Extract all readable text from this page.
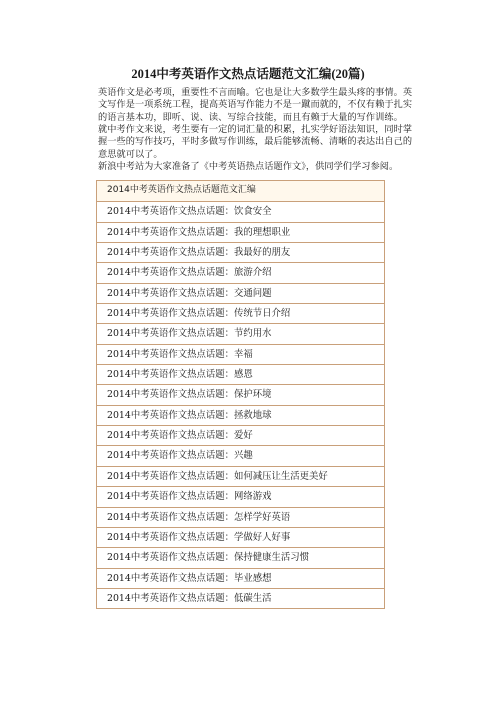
2014中考英语作文热点话题范文汇编(20篇)
英语作文是必考项，重要性不言而喻。它也是让大多数学生最头疼的事情。英文写作是一项系统工程，提高英语写作能力不是一蹴而就的，不仅有赖于扎实的语言基本功，即听、说、读、写综合技能，而且有赖于大量的写作训练。
就中考作文来说，考生要有一定的词汇量的积累，扎实学好语法知识，同时掌握一些的写作技巧，平时多做写作训练，最后能够流畅、清晰的表达出自己的意思就可以了。
新浪中考站为大家准备了《中考英语热点话题作文》，供同学们学习参阅。
2014中考英语作文热点话题范文汇编
2014中考英语作文热点话题：饮食安全
2014中考英语作文热点话题：我的理想职业
2014中考英语作文热点话题：我最好的朋友
2014中考英语作文热点话题：旅游介绍
2014中考英语作文热点话题：交通问题
2014中考英语作文热点话题：传统节日介绍
2014中考英语作文热点话题：节约用水
2014中考英语作文热点话题：幸福
2014中考英语作文热点话题：感恩
2014中考英语作文热点话题：保护环境
2014中考英语作文热点话题：拯救地球
2014中考英语作文热点话题：爱好
2014中考英语作文热点话题：兴趣
2014中考英语作文热点话题：如何减压让生活更美好
2014中考英语作文热点话题：网络游戏
2014中考英语作文热点话题：怎样学好英语
2014中考英语作文热点话题：学做好人好事
2014中考英语作文热点话题：保持健康生活习惯
2014中考英语作文热点话题：毕业感想
2014中考英语作文热点话题：低碳生活
